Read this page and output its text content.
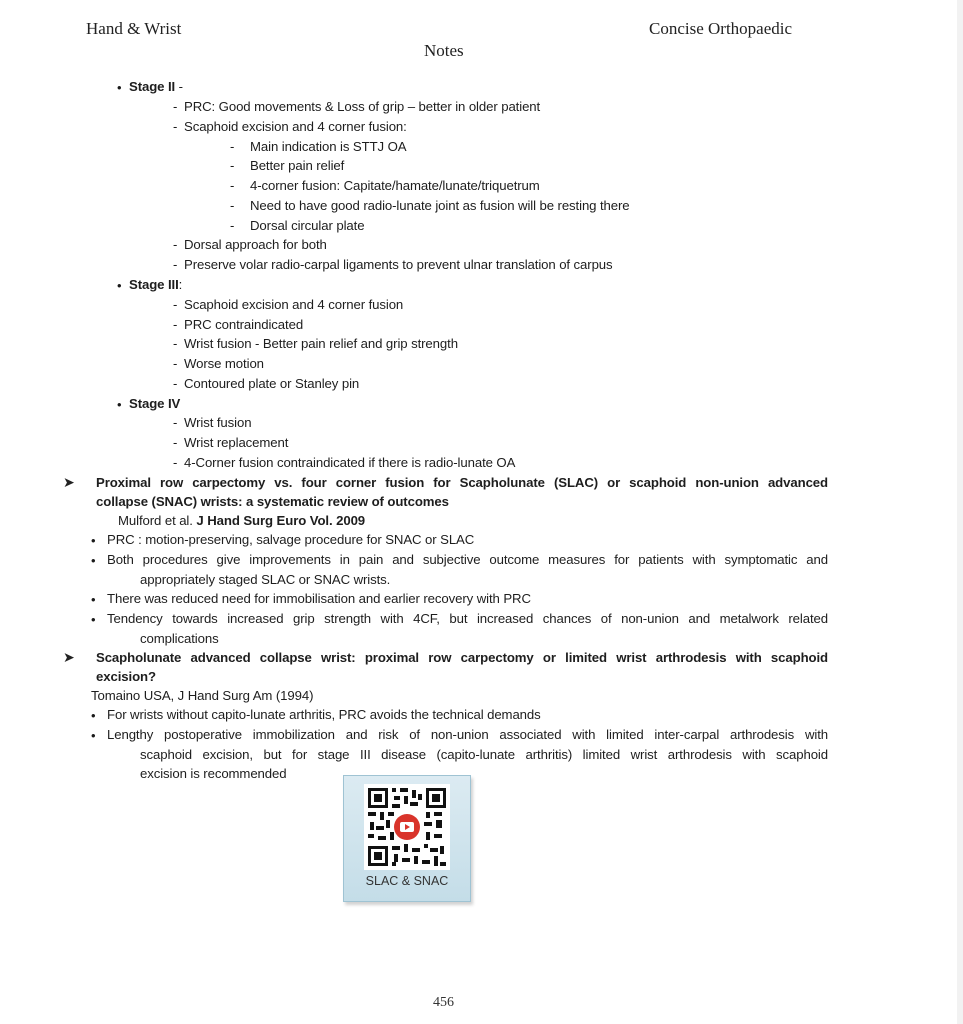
Hand & Wrist	Concise Orthopaedic
Notes
• Stage II -
- PRC: Good movements & Loss of grip – better in older patient
- Scaphoid excision and 4 corner fusion:
- Main indication is STTJ OA
- Better pain relief
- 4-corner fusion: Capitate/hamate/lunate/triquetrum
- Need to have good radio-lunate joint as fusion will be resting there
- Dorsal circular plate
- Dorsal approach for both
- Preserve volar radio-carpal ligaments to prevent ulnar translation of carpus
• Stage III:
- Scaphoid excision and 4 corner fusion
- PRC contraindicated
- Wrist fusion - Better pain relief and grip strength
- Worse motion
- Contoured plate or Stanley pin
• Stage IV
- Wrist fusion
- Wrist replacement
- 4-Corner fusion contraindicated if there is radio-lunate OA
➤ Proximal row carpectomy vs. four corner fusion for Scapholunate (SLAC) or scaphoid non-union advanced
collapse (SNAC) wrists: a systematic review of outcomes
Mulford et al. J Hand Surg Euro Vol. 2009
• PRC : motion-preserving, salvage procedure for SNAC or SLAC
• Both procedures give improvements in pain and subjective outcome measures for patients with symptomatic and
appropriately staged SLAC or SNAC wrists.
• There was reduced need for immobilisation and earlier recovery with PRC
• Tendency towards increased grip strength with 4CF, but increased chances of non-union and metalwork related
complications
➤ Scapholunate advanced collapse wrist: proximal row carpectomy or limited wrist arthrodesis with scaphoid
excision?
Tomaino USA, J Hand Surg Am (1994)
• For wrists without capito-lunate arthritis, PRC avoids the technical demands
• Lengthy postoperative immobilization and risk of non-union associated with limited inter-carpal arthrodesis with
scaphoid excision, but for stage III disease (capito-lunate arthritis) limited wrist arthrodesis with scaphoid
excision is recommended
SLAC & SNAC
456
